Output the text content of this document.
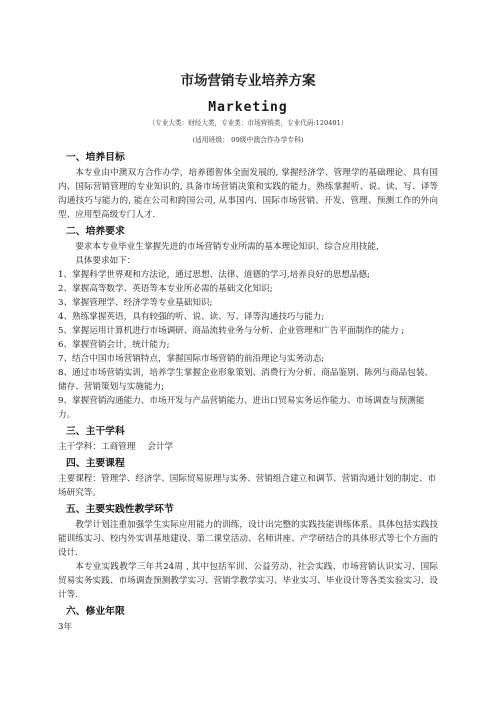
市场营销专业培养方案
Marketing
（专业大类：财经大类，专业类：市场营销类，专业代码:120401）
(适用班级： 09级中澳合作办学专科)
一、培养目标

本专业由中澳双方合作办学，培养德智体全面发展的, 掌握经济学、管理学的基础理论、具有国内、国际营销管理的专业知识的, 具备市场营销决策和实践的能力，熟练掌握听、说、读、写、译等沟通技巧与能力的, 能在公司和跨国公司, 从事国内、国际市场营销、开发、管理、预测工作的外向型、应用型高级专门人才.

二、培养要求

要求本专业毕业生掌握先进的市场营销专业所需的基本理论知识、综合应用技能,

具体要求如下：

1、掌握科学世界观和方法论，通过思想、法律、道德的学习,培养良好的思想品德;

2、掌握高等数学、英语等本专业所必需的基础文化知识;

3、掌握管理学、经济学等专业基础知识;

4、熟练掌握英语，具有较强的听、说、读、写、译等沟通技巧与能力;

5、掌握运用计算机进行市场调研、商品流转业务与分析、企业管理和广告平面制作的能力 ;

6、掌握营销会计，统计能力;

7、结合中国市场营销特点，掌握国际市场营销的前沿理论与实务动态;

8、通过市场营销实训，培养学生掌握企业形象策划、消费行为分析、商品鉴别、陈列与商品包装、储存、营销策划与实施能力;

9、掌握营销沟通能力、市场开发与产品营销能力、进出口贸易实务运作能力、市场调查与预测能力。

三、主干学科

主干学科：工商管理 会计学

四、主要课程

主要课程：管理学、经济学、国际贸易原理与实务、营销组合建立和调节、营销沟通计划的制定、市场研究等。

五、主要实践性教学环节

教学计划注重加强学生实际应用能力的训练，设计出完整的实践技能训练体系。具体包括实践技能训练实习、校内外实训基地建设、第二课堂活动、名师讲座、产学研结合的具体形式等七个方面的设计.

本专业实践教学三年共24周 , 其中包括军训、公益劳动、社会实践、市场营销认识实习、国际贸易实务实践、市场调查预测教学实习、营销学教学实习、毕业实习、毕业设计等各类实验实习、设计等.

六、修业年限

3年
